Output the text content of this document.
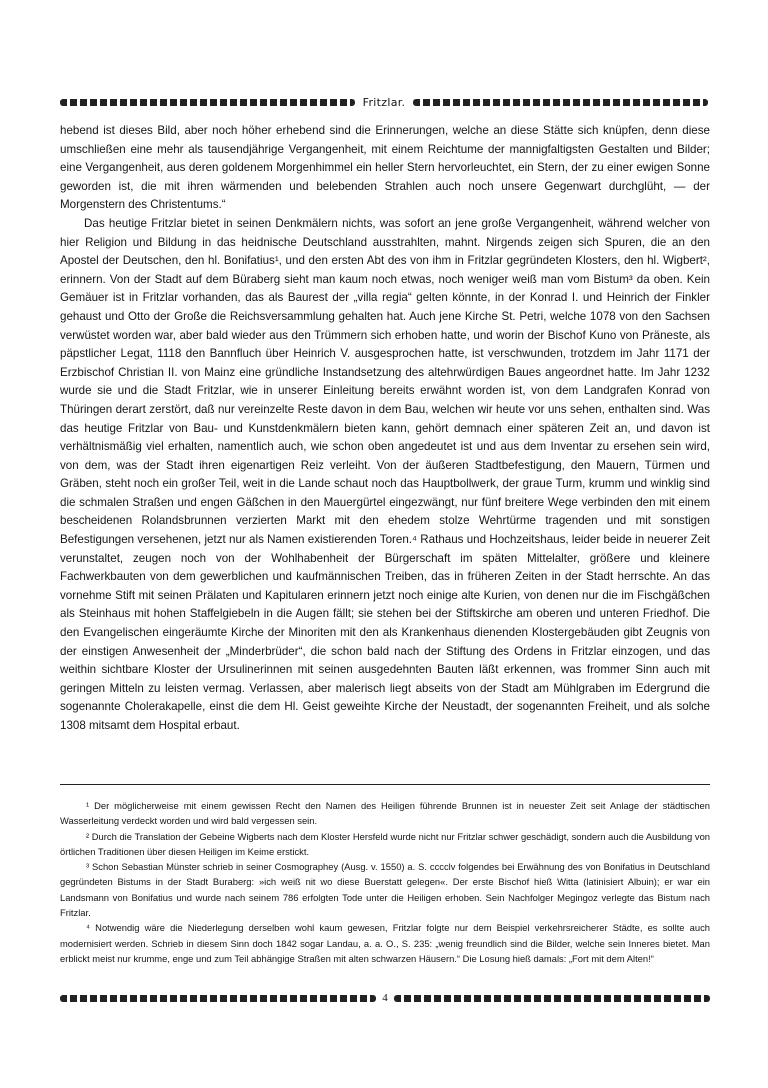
Fritzlar.

hebend ist dieses Bild, aber noch höher erhebend sind die Erinnerungen, welche an diese Stätte sich knüpfen, denn diese umschließen eine mehr als tausendjährige Vergangenheit, mit einem Reichtume der mannigfaltigsten Gestalten und Bilder; eine Vergangenheit, aus deren goldenem Morgenhimmel ein heller Stern hervorleuchtet, ein Stern, der zu einer ewigen Sonne geworden ist, die mit ihren wärmenden und belebenden Strahlen auch noch unsere Gegenwart durchglüht, — der Morgenstern des Christentums.“

Das heutige Fritzlar bietet in seinen Denkmälern nichts, was sofort an jene große Vergangenheit, während welcher von hier Religion und Bildung in das heidnische Deutschland ausstrahlten, mahnt. Nirgends zeigen sich Spuren, die an den Apostel der Deutschen, den hl. Bonifatius¹, und den ersten Abt des von ihm in Fritzlar gegründeten Klosters, den hl. Wigbert², erinnern. Von der Stadt auf dem Büraberg sieht man kaum noch etwas, noch weniger weiß man vom Bistum³ da oben. Kein Gemäuer ist in Fritzlar vorhanden, das als Baurest der „villa regia“ gelten könnte, in der Konrad I. und Heinrich der Finkler gehaust und Otto der Große die Reichsversammlung gehalten hat. Auch jene Kirche St. Petri, welche 1078 von den Sachsen verwüstet worden war, aber bald wieder aus den Trümmern sich erhoben hatte, und worin der Bischof Kuno von Präneste, als päpstlicher Legat, 1118 den Bannfluch über Heinrich V. ausgesprochen hatte, ist verschwunden, trotzdem im Jahr 1171 der Erzbischof Christian II. von Mainz eine gründliche Instandsetzung des altehrwürdigen Baues angeordnet hatte. Im Jahr 1232 wurde sie und die Stadt Fritzlar, wie in unserer Einleitung bereits erwähnt worden ist, von dem Landgrafen Konrad von Thüringen derart zerstört, daß nur vereinzelte Reste davon in dem Bau, welchen wir heute vor uns sehen, enthalten sind. Was das heutige Fritzlar von Bau- und Kunstdenkmälern bieten kann, gehört demnach einer späteren Zeit an, und davon ist verhältnismäßig viel erhalten, namentlich auch, wie schon oben angedeutet ist und aus dem Inventar zu ersehen sein wird, von dem, was der Stadt ihren eigenartigen Reiz verleiht. Von der äußeren Stadtbefestigung, den Mauern, Türmen und Gräben, steht noch ein großer Teil, weit in die Lande schaut noch das Hauptbollwerk, der graue Turm, krumm und winklig sind die schmalen Straßen und engen Gäßchen in den Mauergürtel eingezwängt, nur fünf breitere Wege verbinden den mit einem bescheidenen Rolandsbrunnen verzierten Markt mit den ehedem stolze Wehrtürme tragenden und mit sonstigen Befestigungen versehenen, jetzt nur als Namen existierenden Toren.⁴ Rathaus und Hochzeitshaus, leider beide in neuerer Zeit verunstaltet, zeugen noch von der Wohlhabenheit der Bürgerschaft im späten Mittelalter, größere und kleinere Fachwerkbauten von dem gewerblichen und kaufmännischen Treiben, das in früheren Zeiten in der Stadt herrschte. An das vornehme Stift mit seinen Prälaten und Kapitularen erinnern jetzt noch einige alte Kurien, von denen nur die im Fischgäßchen als Steinhaus mit hohen Staffelgiebeln in die Augen fällt; sie stehen bei der Stiftskirche am oberen und unteren Friedhof. Die den Evangelischen eingeräumte Kirche der Minoriten mit den als Krankenhaus dienenden Klostergebäuden gibt Zeugnis von der einstigen Anwesenheit der „Minderbrüder“, die schon bald nach der Stiftung des Ordens in Fritzlar einzogen, und das weithin sichtbare Kloster der Ursulinerinnen mit seinen ausgedehnten Bauten läßt erkennen, was frommer Sinn auch mit geringen Mitteln zu leisten vermag. Verlassen, aber malerisch liegt abseits von der Stadt am Mühlgraben im Edergrund die sogenannte Cholerakapelle, einst die dem Hl. Geist geweihte Kirche der Neustadt, der sogenannten Freiheit, und als solche 1308 mitsamt dem Hospital erbaut.

¹ Der möglicherweise mit einem gewissen Recht den Namen des Heiligen führende Brunnen ist in neuester Zeit seit Anlage der städtischen Wasserleitung verdeckt worden und wird bald vergessen sein.

² Durch die Translation der Gebeine Wigberts nach dem Kloster Hersfeld wurde nicht nur Fritzlar schwer geschädigt, sondern auch die Ausbildung von örtlichen Traditionen über diesen Heiligen im Keime erstickt.

³ Schon Sebastian Münster schrieb in seiner Cosmographey (Ausg. v. 1550) a. S. cccclv folgendes bei Erwähnung des von Bonifatius in Deutschland gegründeten Bistums in der Stadt Buraberg: »ich weiß nit wo diese Buerstatt gelegen«. Der erste Bischof hieß Witta (latinisiert Albuin); er war ein Landsmann von Bonifatius und wurde nach seinem 786 erfolgten Tode unter die Heiligen erhoben. Sein Nachfolger Megingoz verlegte das Bistum nach Fritzlar.

⁴ Notwendig wäre die Niederlegung derselben wohl kaum gewesen, Fritzlar folgte nur dem Beispiel verkehrsreicherer Städte, es sollte auch modernisiert werden. Schrieb in diesem Sinn doch 1842 sogar Landau, a. a. O., S. 235: „wenig freundlich sind die Bilder, welche sein Inneres bietet. Man erblickt meist nur krumme, enge und zum Teil abhängige Straßen mit alten schwarzen Häusern.“ Die Losung hieß damals: „Fort mit dem Alten!“

4
